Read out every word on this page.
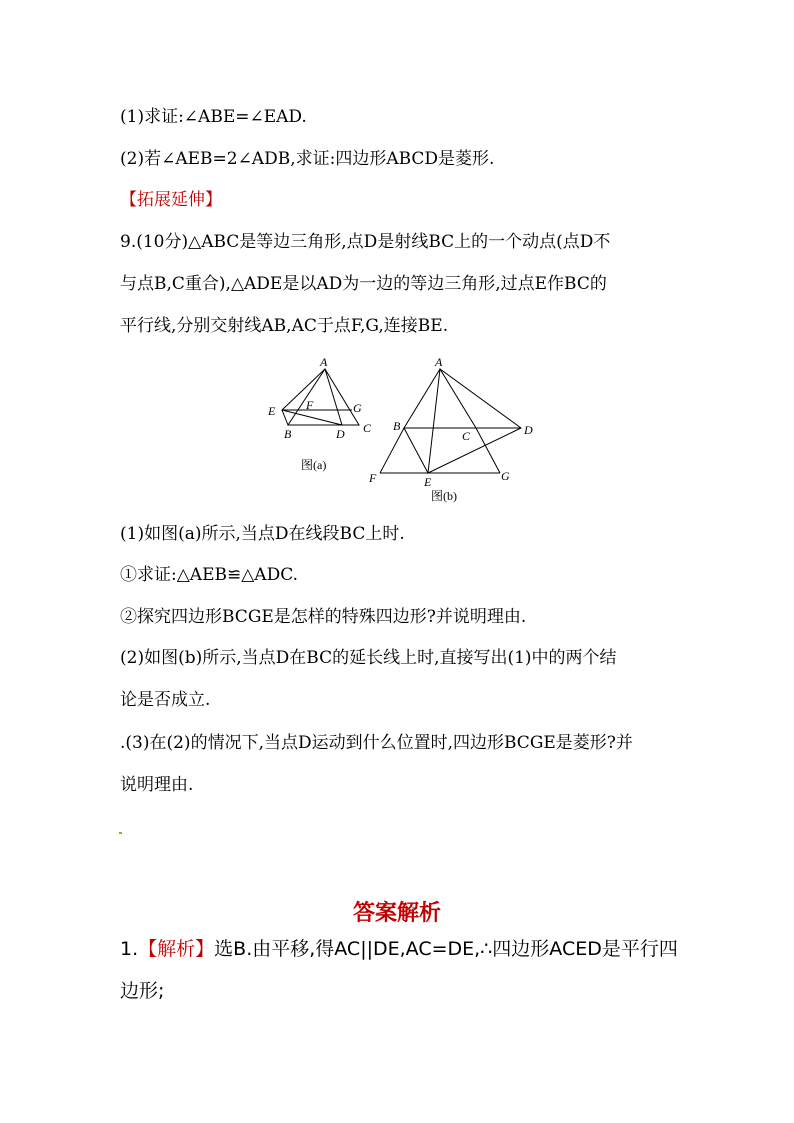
(1)求证:∠ABE=∠EAD.
(2)若∠AEB=2∠ADB,求证:四边形ABCD是菱形.
【拓展延伸】
9.(10分)△ABC是等边三角形,点D是射线BC上的一个动点(点D不
与点B,C重合),△ADE是以AD为一边的等边三角形,过点E作BC的
平行线,分别交射线AB,AC于点F,G,连接BE.
A
E	F	G
B	D C
图(a)
A
B
C	D
F	E	G
图(b)
(1)如图(a)所示,当点D在线段BC上时.
①求证:△AEB≌△ADC.
②探究四边形BCGE是怎样的特殊四边形?并说明理由.
(2)如图(b)所示,当点D在BC的延长线上时,直接写出(1)中的两个结
论是否成立.
.(3)在(2)的情况下,当点D运动到什么位置时,四边形BCGE是菱形?并
说明理由.
答案解析
1.【解析】选B.由平移,得AC||DE,AC=DE,∴四边形ACED是平行四
边形;
